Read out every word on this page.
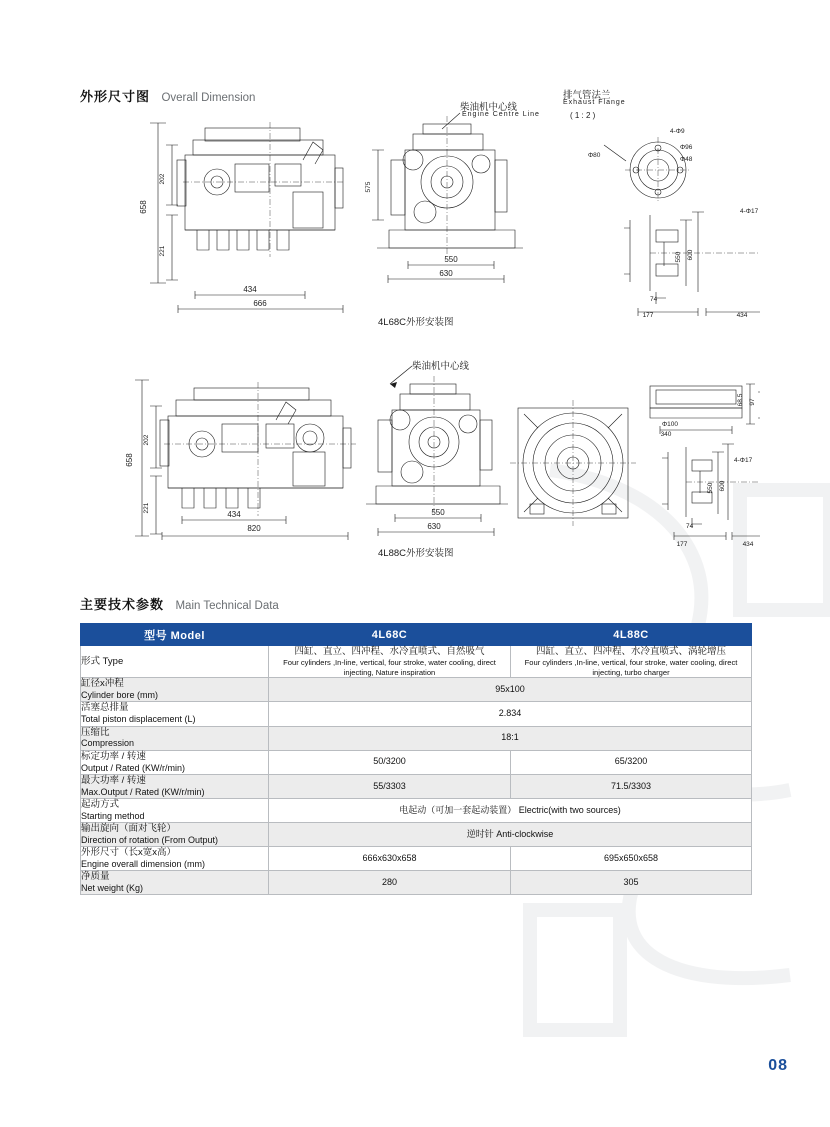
外形尺寸图 Overall Dimension
658
202
221
434
666
575
550
630
Φ80
Φ96
Φ48
4-Φ9
550 600
74
177	434
4-Φ17
柴油机中心线
Engine Centre Line
排气管法兰
Exhaust Flange
( 1 : 2 )
4L68C外形安装图
658
202
221
434
820
550
630
Φ100
340
97
68.5
550 600
74
177	434
4-Φ17
柴油机中心线
4L88C外形安装图
主要技术参数 Main Technical Data
型号 Model	4L68C	4L88C

形式 Type	四缸、直立、四冲程、水冷直喷式、自然吸气
Four cylinders ,In-line, vertical, four stroke, water cooling, direct injecting, Nature inspiration	四缸、直立、四冲程、水冷直喷式、涡轮增压
Four cylinders ,In-line, vertical, four stroke, water cooling, direct injecting, turbo charger

缸径x冲程
Cylinder bore (mm)	95x100	

活塞总排量
Total piston displacement (L)	2.834	

压缩比
Compression	18:1	

标定功率 / 转速
Output / Rated (KW/r/min)	50/3200	65/3200

最大功率 / 转速
Max.Output / Rated (KW/r/min)	55/3303	71.5/3303

起动方式
Starting method	电起动（可加一套起动装置） Electric(with two sources)	

输出旋向（面对飞轮）
Direction of rotation (From Output)	逆时针 Anti-clockwise	

外形尺寸（长x宽x高）
Engine overall dimension (mm)	666x630x658	695x650x658

净质量
Net weight (Kg)	280	305
08
